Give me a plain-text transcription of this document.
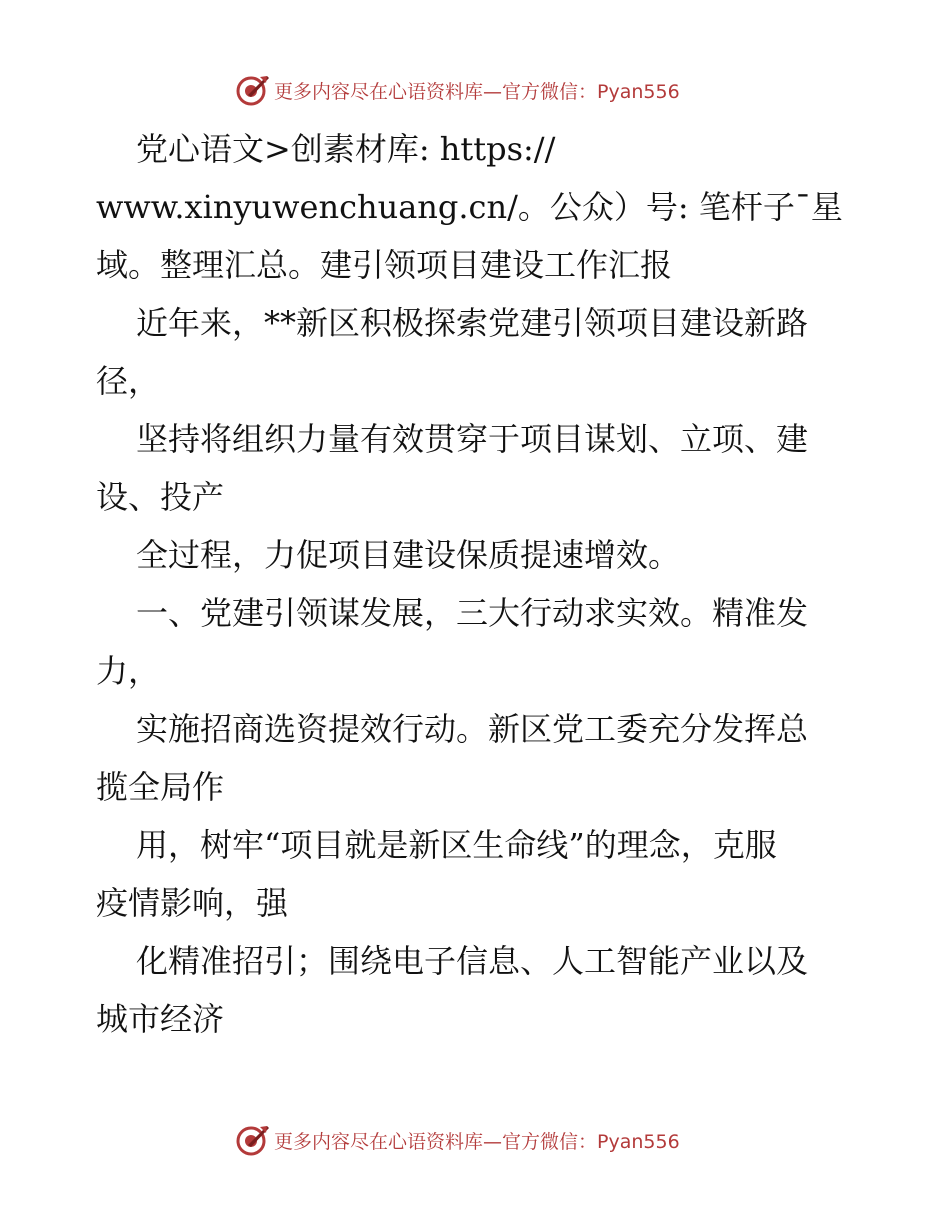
更多内容尽在心语资料库—官方微信：Pyan556
党心语文>创素材库: https://
www.xinyuwenchuang.cn/。公众）号: 笔杆子¯星
域。整理汇总。建引领项目建设工作汇报
近年来，**新区积极探索党建引领项目建设新路
径，
坚持将组织力量有效贯穿于项目谋划、立项、建
设、投产
全过程，力促项目建设保质提速增效。
一、党建引领谋发展，三大行动求实效。精准发
力，
实施招商选资提效行动。新区党工委充分发挥总
揽全局作
用，树牢“项目就是新区生命线”的理念，克服
疫情影响，强
化精准招引；围绕电子信息、人工智能产业以及
城市经济
更多内容尽在心语资料库—官方微信：Pyan556
